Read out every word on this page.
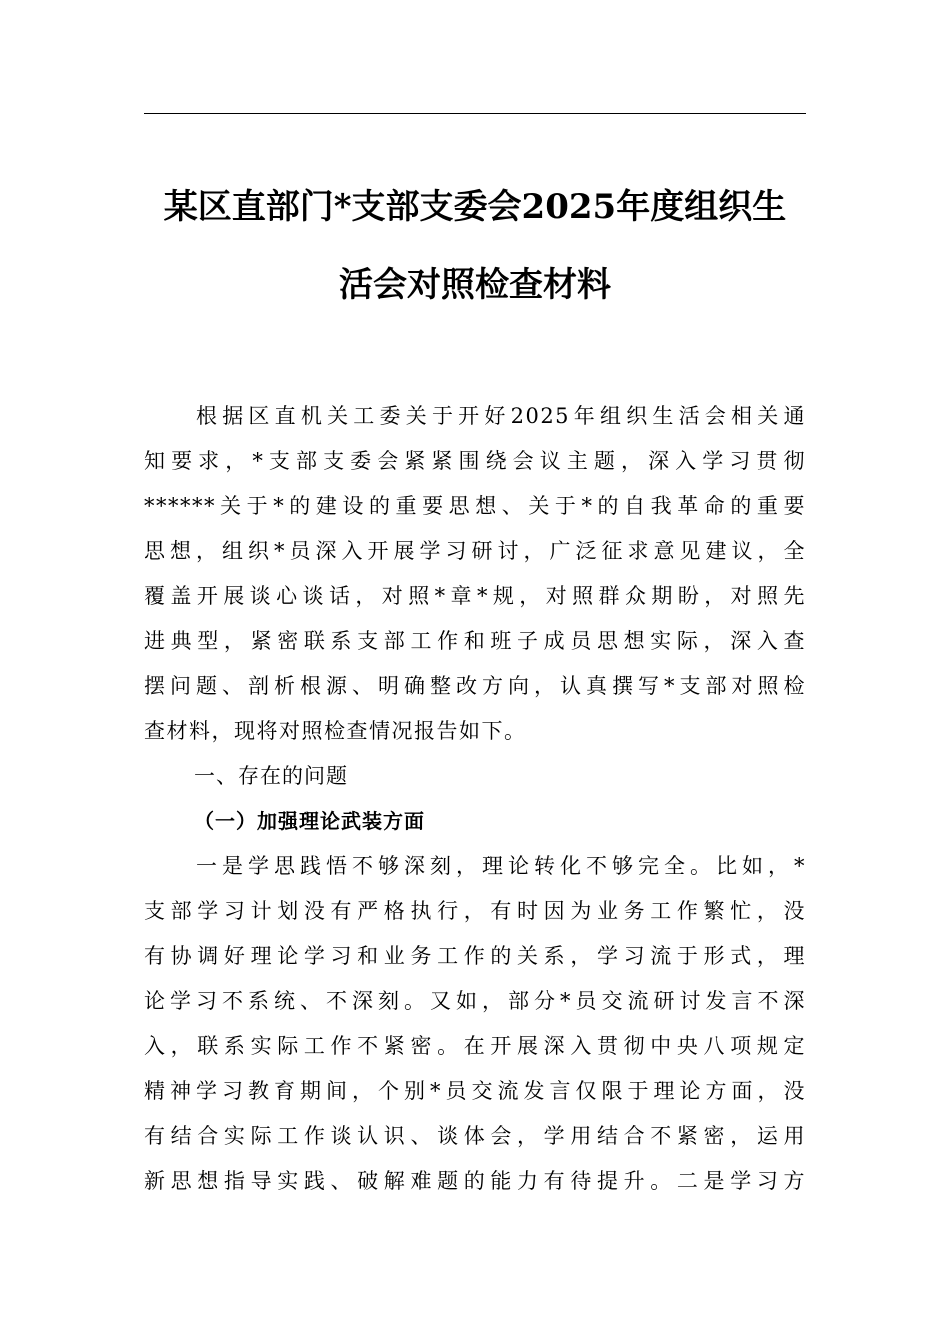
某区直部门*支部支委会2025年度组织生
活会对照检查材料
根据区直机关工委关于开好2025年组织生活会相关通
知要求，*支部支委会紧紧围绕会议主题，深入学习贯彻
******关于*的建设的重要思想、关于*的自我革命的重要
思想，组织*员深入开展学习研讨，广泛征求意见建议，全
覆盖开展谈心谈话，对照*章*规，对照群众期盼，对照先
进典型，紧密联系支部工作和班子成员思想实际，深入查
摆问题、剖析根源、明确整改方向，认真撰写*支部对照检
查材料，现将对照检查情况报告如下。
一、存在的问题
（一）加强理论武装方面
一是学思践悟不够深刻，理论转化不够完全。比如，*
支部学习计划没有严格执行，有时因为业务工作繁忙，没
有协调好理论学习和业务工作的关系，学习流于形式，理
论学习不系统、不深刻。又如，部分*员交流研讨发言不深
入，联系实际工作不紧密。在开展深入贯彻中央八项规定
精神学习教育期间，个别*员交流发言仅限于理论方面，没
有结合实际工作谈认识、谈体会，学用结合不紧密，运用
新思想指导实践、破解难题的能力有待提升。二是学习方
